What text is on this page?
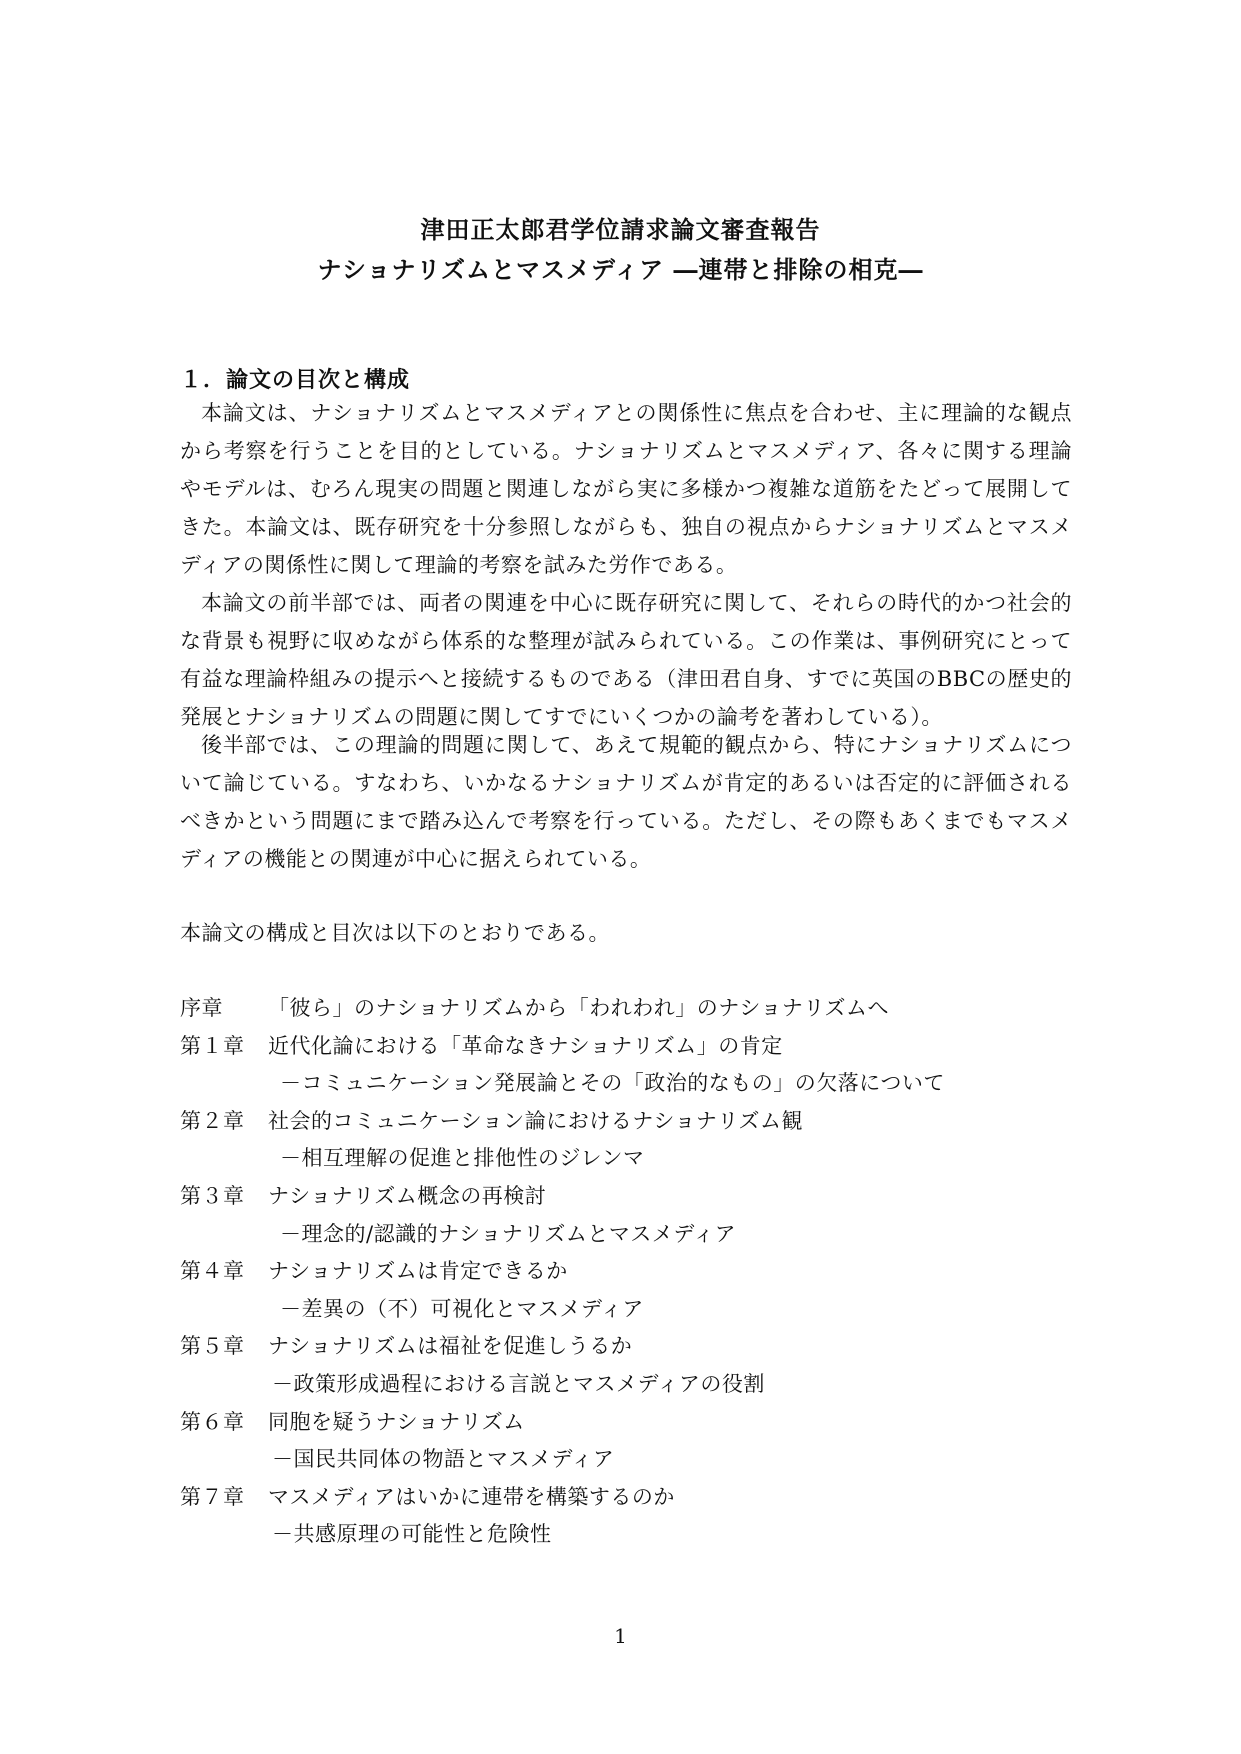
津田正太郎君学位請求論文審査報告
ナショナリズムとマスメディア ―連帯と排除の相克―
１．論文の目次と構成

本論文は、ナショナリズムとマスメディアとの関係性に焦点を合わせ、主に理論的な観点から考察を行うことを目的としている。ナショナリズムとマスメディア、各々に関する理論やモデルは、むろん現実の問題と関連しながら実に多様かつ複雑な道筋をたどって展開してきた。本論文は、既存研究を十分参照しながらも、独自の視点からナショナリズムとマスメディアの関係性に関して理論的考察を試みた労作である。

本論文の前半部では、両者の関連を中心に既存研究に関して、それらの時代的かつ社会的な背景も視野に収めながら体系的な整理が試みられている。この作業は、事例研究にとって有益な理論枠組みの提示へと接続するものである（津田君自身、すでに英国のBBCの歴史的発展とナショナリズムの問題に関してすでにいくつかの論考を著わしている）。

後半部では、この理論的問題に関して、あえて規範的観点から、特にナショナリズムについて論じている。すなわち、いかなるナショナリズムが肯定的あるいは否定的に評価されるべきかという問題にまで踏み込んで考察を行っている。ただし、その際もあくまでもマスメディアの機能との関連が中心に据えられている。

本論文の構成と目次は以下のとおりである。
序章 「彼ら」のナショナリズムから「われわれ」のナショナリズムへ
第１章 近代化論における「革命なきナショナリズム」の肯定
－コミュニケーション発展論とその「政治的なもの」の欠落について
第２章 社会的コミュニケーション論におけるナショナリズム観
－相互理解の促進と排他性のジレンマ
第３章 ナショナリズム概念の再検討
－理念的/認識的ナショナリズムとマスメディア
第４章 ナショナリズムは肯定できるか
－差異の（不）可視化とマスメディア
第５章 ナショナリズムは福祉を促進しうるか
－政策形成過程における言説とマスメディアの役割
第６章 同胞を疑うナショナリズム
－国民共同体の物語とマスメディア
第７章 マスメディアはいかに連帯を構築するのか
－共感原理の可能性と危険性
1
